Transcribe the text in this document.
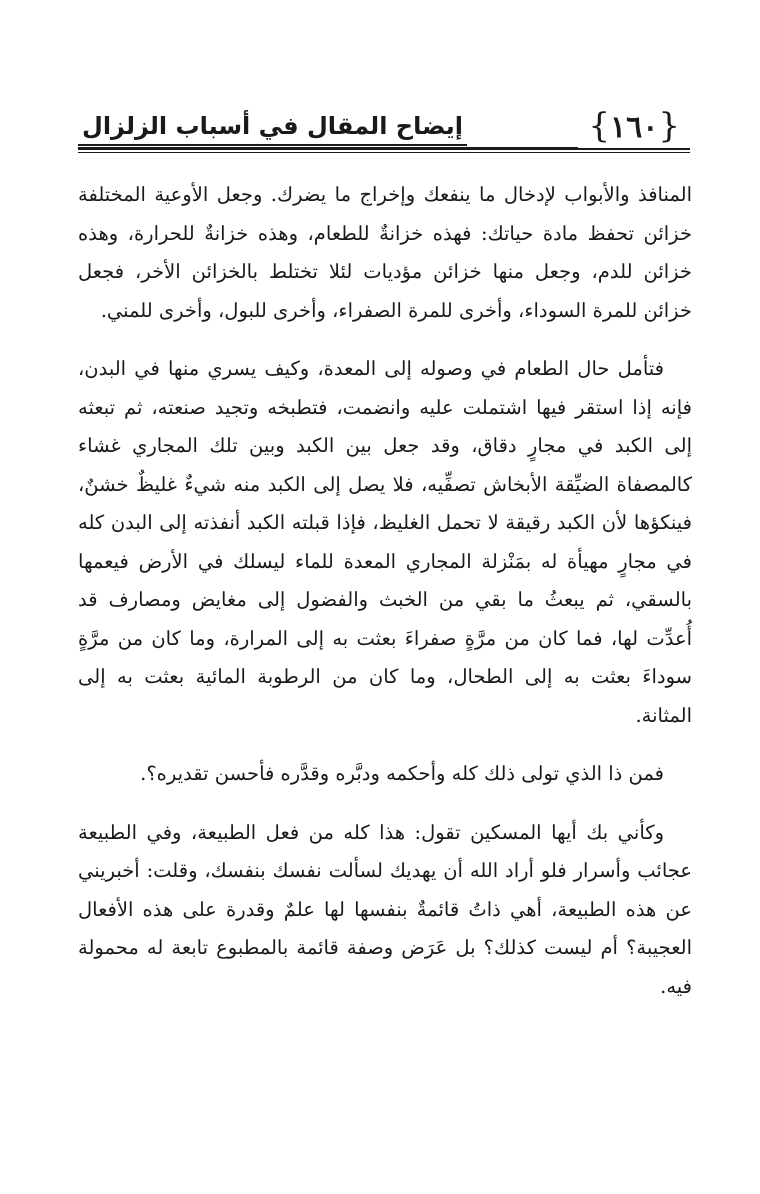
{١٦٠}
إيضاح المقال في أسباب الزلزال

المنافذ والأبواب لإدخال ما ينفعك وإخراج ما يضرك. وجعل الأوعية المختلفة خزائن تحفظ مادة حياتك: فهذه خزانةٌ للطعام، وهذه خزانةٌ للحرارة، وهذه خزائن للدم، وجعل منها خزائن مؤديات لئلا تختلط بالخزائن الأخر، فجعل خزائن للمرة السوداء، وأخرى للمرة الصفراء، وأخرى للبول، وأخرى للمني.

فتأمل حال الطعام في وصوله إلى المعدة، وكيف يسري منها في البدن، فإنه إذا استقر فيها اشتملت عليه وانضمت، فتطبخه وتجيد صنعته، ثم تبعثه إلى الكبد في مجارٍ دقاق، وقد جعل بين الكبد وبين تلك المجاري غشاء كالمصفاة الضيِّقة الأبخاش تصفِّيه، فلا يصل إلى الكبد منه شيءٌ غليظٌ خشنٌ، فينكؤها لأن الكبد رقيقة لا تحمل الغليظ، فإذا قبلته الكبد أنفذته إلى البدن كله في مجارٍ مهيأة له بمَنْزلة المجاري المعدة للماء ليسلك في الأرض فيعمها بالسقي، ثم يبعثُ ما بقي من الخبث والفضول إلى مغايض ومصارف قد أُعدِّت لها، فما كان من مرَّةٍ صفراءَ بعثت به إلى المرارة، وما كان من مرَّةٍ سوداءَ بعثت به إلى الطحال، وما كان من الرطوبة المائية بعثت به إلى المثانة.

فمن ذا الذي تولى ذلك كله وأحكمه ودبَّره وقدَّره فأحسن تقديره؟.

وكأني بك أيها المسكين تقول: هذا كله من فعل الطبيعة، وفي الطبيعة عجائب وأسرار فلو أراد الله أن يهديك لسألت نفسك بنفسك، وقلت: أخبريني عن هذه الطبيعة، أهي ذاتُ قائمةٌ بنفسها لها علمٌ وقدرة على هذه الأفعال العجيبة؟ أم ليست كذلك؟ بل عَرَض وصفة قائمة بالمطبوع تابعة له محمولة فيه.
